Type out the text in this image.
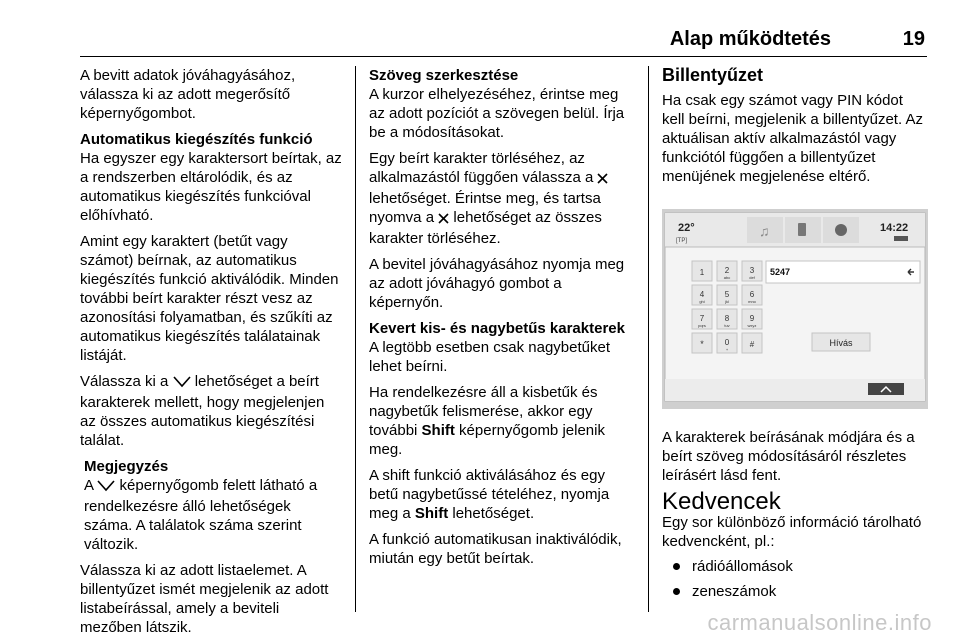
Alap működtetés	19

A bevitt adatok jóváhagyásához, válassza ki az adott megerősítő képernyőgombot.

Automatikus kiegészítés funkció

Ha egyszer egy karaktersort beírtak, az a rendszerben eltárolódik, és az automatikus kiegészítés funkcióval előhívható.

Amint egy karaktert (betűt vagy számot) beírnak, az automatikus kiegészítés funkció aktiválódik. Minden további beírt karakter részt vesz az azonosítási folyamatban, és szűkíti az automatikus kiegészítés találatainak listáját.

Válassza ki a lehetőséget a beírt karakterek mellett, hogy megjelenjen az összes automatikus kiegészítési találat.

Megjegyzés

A képernyőgomb felett látható a rendelkezésre álló lehetőségek száma. A találatok száma szerint változik.

Válassza ki az adott listaelemet. A billentyűzet ismét megjelenik az adott listabeírással, amely a beviteli mezőben látszik.

Szöveg szerkesztése

A kurzor elhelyezéséhez, érintse meg az adott pozíciót a szövegen belül. Írja be a módosításokat.

Egy beírt karakter törléséhez, az alkalmazástól függően válassza a  lehetőséget. Érintse meg, és tartsa nyomva a lehetőséget az összes karakter törléséhez.

A bevitel jóváhagyásához nyomja meg az adott jóváhagyó gombot a képernyőn.

Kevert kis- és nagybetűs karakterek

A legtöbb esetben csak nagybetűket lehet beírni.

Ha rendelkezésre áll a kisbetűk és nagybetűk felismerése, akkor egy további Shift képernyőgomb jelenik meg.

A shift funkció aktiválásához és egy betű nagybetűssé tételéhez, nyomja meg a Shift lehetőséget.

A funkció automatikusan inaktiválódik, miután egy betűt beírtak.

Billentyűzet

Ha csak egy számot vagy PIN kódot kell beírni, megjelenik a billentyűzet. Az aktuálisan aktív alkalmazástól vagy funkciótól függően a billentyűzet menüjének megjelenése eltérő.

22°
[TP]
♫	14:22
1	2
abc
3
def
4
ghi
5
jkl
6
mno
7
pqrs
8
tuv
9
wxyz
*	0
+
#
5247
Hívás

A karakterek beírásának módjára és a beírt szöveg módosításáról részletes leírásért lásd fent.

Kedvencek

Egy sor különböző információ tárolható kedvencként, pl.:

rádióállomások
zeneszámok
carmanualsonline.info
